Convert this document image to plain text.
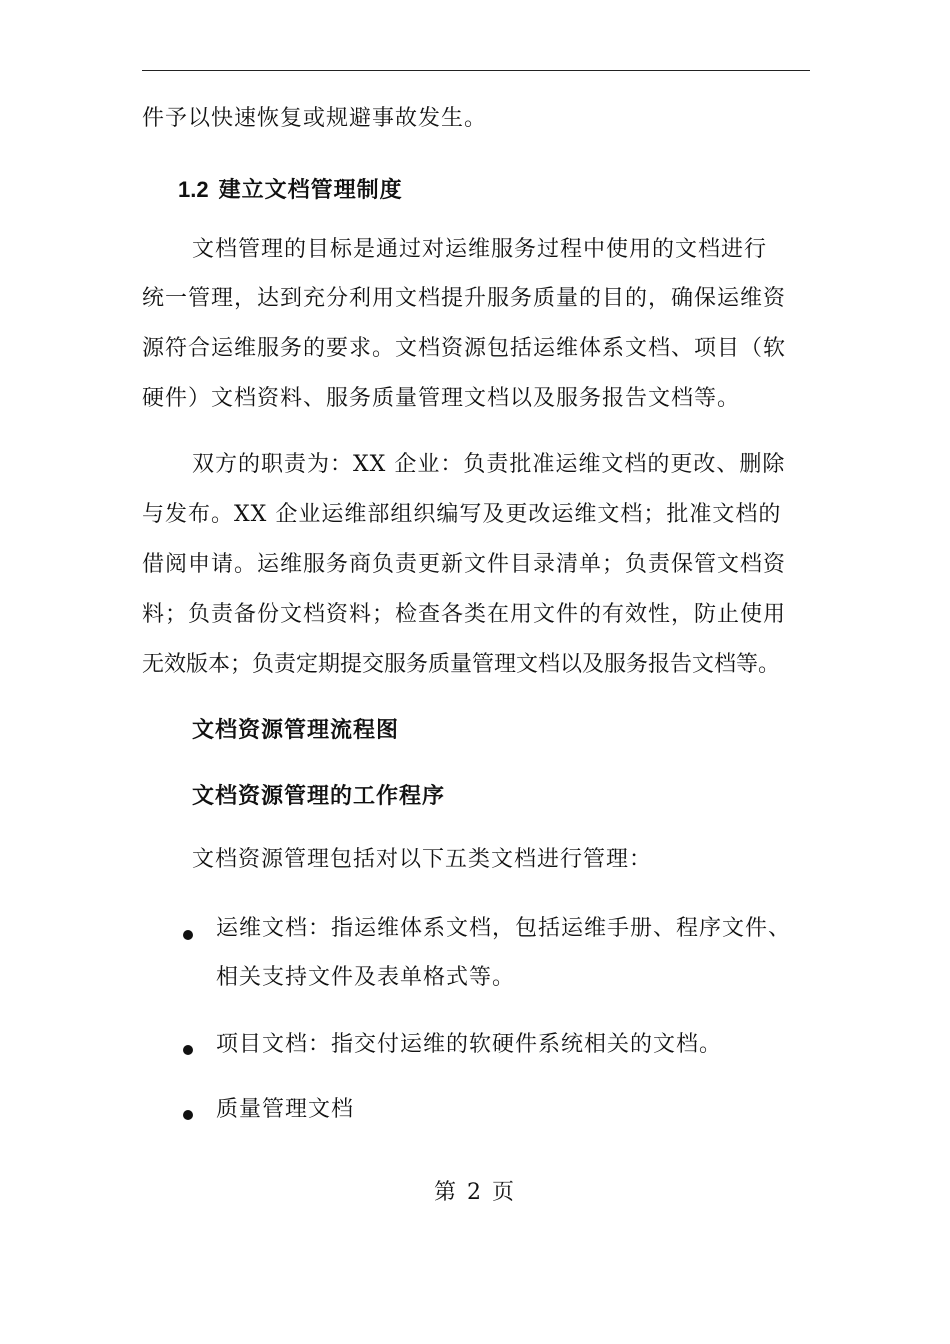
件予以快速恢复或规避事故发生。
1.2 建立文档管理制度
文档管理的目标是通过对运维服务过程中使用的文档进行
统一管理，达到充分利用文档提升服务质量的目的，确保运维资
源符合运维服务的要求。文档资源包括运维体系文档、项目（软
硬件）文档资料、服务质量管理文档以及服务报告文档等。
双方的职责为：XX 企业：负责批准运维文档的更改、删除
与发布。XX 企业运维部组织编写及更改运维文档；批准文档的
借阅申请。运维服务商负责更新文件目录清单；负责保管文档资
料；负责备份文档资料；检查各类在用文件的有效性，防止使用
无效版本；负责定期提交服务质量管理文档以及服务报告文档等。
文档资源管理流程图
文档资源管理的工作程序
文档资源管理包括对以下五类文档进行管理：
运维文档：指运维体系文档，包括运维手册、程序文件、
相关支持文件及表单格式等。
项目文档：指交付运维的软硬件系统相关的文档。
质量管理文档
第 2 页
